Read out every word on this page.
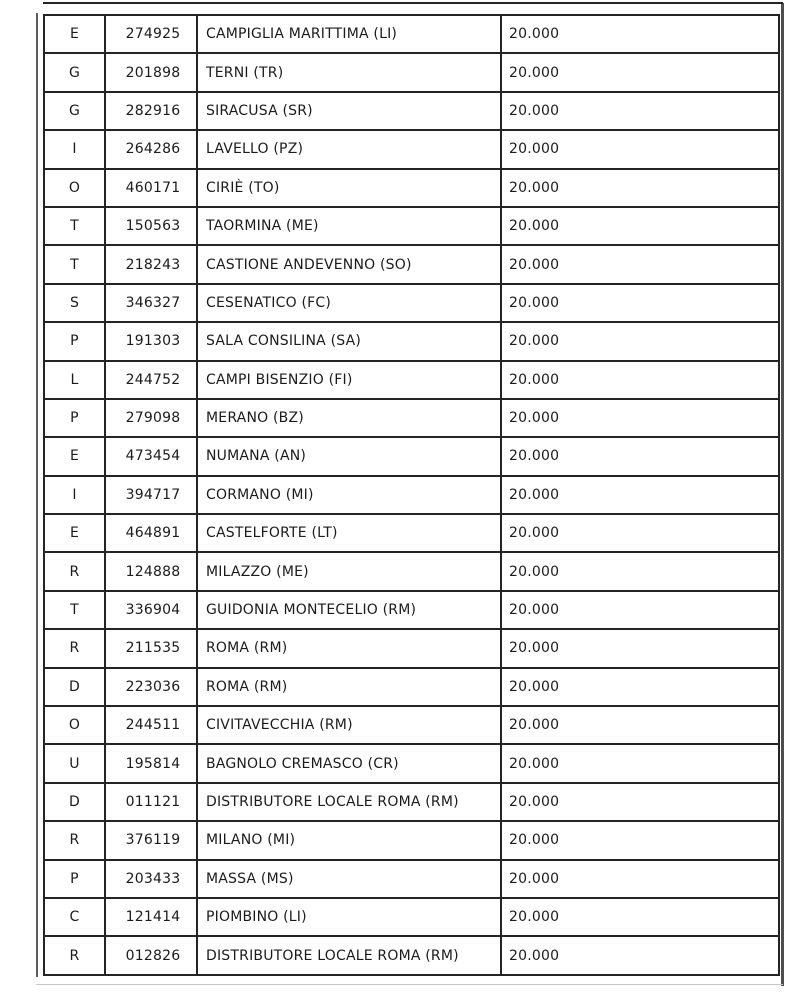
E	274925	CAMPIGLIA MARITTIMA (LI)	20.000
G	201898	TERNI (TR)	20.000
G	282916	SIRACUSA (SR)	20.000
I	264286	LAVELLO (PZ)	20.000
O	460171	CIRIÈ (TO)	20.000
T	150563	TAORMINA (ME)	20.000
T	218243	CASTIONE ANDEVENNO (SO)	20.000
S	346327	CESENATICO (FC)	20.000
P	191303	SALA CONSILINA (SA)	20.000
L	244752	CAMPI BISENZIO (FI)	20.000
P	279098	MERANO (BZ)	20.000
E	473454	NUMANA (AN)	20.000
I	394717	CORMANO (MI)	20.000
E	464891	CASTELFORTE (LT)	20.000
R	124888	MILAZZO (ME)	20.000
T	336904	GUIDONIA MONTECELIO (RM)	20.000
R	211535	ROMA (RM)	20.000
D	223036	ROMA (RM)	20.000
O	244511	CIVITAVECCHIA (RM)	20.000
U	195814	BAGNOLO CREMASCO (CR)	20.000
D	011121	DISTRIBUTORE LOCALE ROMA (RM)	20.000
R	376119	MILANO (MI)	20.000
P	203433	MASSA (MS)	20.000
C	121414	PIOMBINO (LI)	20.000
R	012826	DISTRIBUTORE LOCALE ROMA (RM)	20.000
